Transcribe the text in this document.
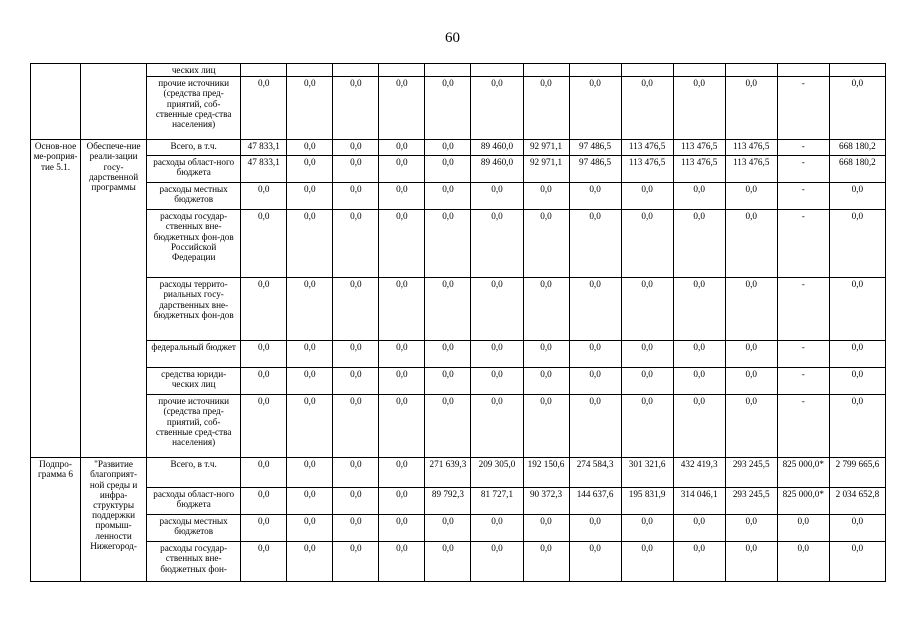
60
		ческих лиц													
		прочие источники (средства пред-приятий, соб-ственные сред-ства населения)	0,0	0,0	0,0	0,0	0,0	0,0	0,0	0,0	0,0	0,0	0,0	-	0,0
Основ-ное ме-роприя-тие 5.1.	Обеспече-ние реали-зации госу-дарственной программы	Всего, в т.ч.	47 833,1	0,0	0,0	0,0	0,0	89 460,0	92 971,1	97 486,5	113 476,5	113 476,5	113 476,5	-	668 180,2
		расходы област-ного бюджета	47 833,1	0,0	0,0	0,0	0,0	89 460,0	92 971,1	97 486,5	113 476,5	113 476,5	113 476,5	-	668 180,2
		расходы местных бюджетов	0,0	0,0	0,0	0,0	0,0	0,0	0,0	0,0	0,0	0,0	0,0	-	0,0
		расходы государ-ственных вне-бюджетных фон-дов Российской Федерации	0,0	0,0	0,0	0,0	0,0	0,0	0,0	0,0	0,0	0,0	0,0	-	0,0
		расходы террито-риальных госу-дарственных вне-бюджетных фон-дов	0,0	0,0	0,0	0,0	0,0	0,0	0,0	0,0	0,0	0,0	0,0	-	0,0
		федеральный бюджет	0,0	0,0	0,0	0,0	0,0	0,0	0,0	0,0	0,0	0,0	0,0	-	0,0
		средства юриди-ческих лиц	0,0	0,0	0,0	0,0	0,0	0,0	0,0	0,0	0,0	0,0	0,0	-	0,0
		прочие источники (средства пред-приятий, соб-ственные сред-ства населения)	0,0	0,0	0,0	0,0	0,0	0,0	0,0	0,0	0,0	0,0	0,0	-	0,0
Подпро-грамма 6	"Развитие благоприят-ной среды и инфра-структуры поддержки промыш-ленности Нижегород-	Всего, в т.ч.	0,0	0,0	0,0	0,0	271 639,3	209 305,0	192 150,6	274 584,3	301 321,6	432 419,3	293 245,5	825 000,0*	2 799 665,6
		расходы област-ного бюджета	0,0	0,0	0,0	0,0	89 792,3	81 727,1	90 372,3	144 637,6	195 831,9	314 046,1	293 245,5	825 000,0*	2 034 652,8
		расходы местных бюджетов	0,0	0,0	0,0	0,0	0,0	0,0	0,0	0,0	0,0	0,0	0,0	0,0	0,0
		расходы государ-ственных вне-бюджетных фон-	0,0	0,0	0,0	0,0	0,0	0,0	0,0	0,0	0,0	0,0	0,0	0,0	0,0
